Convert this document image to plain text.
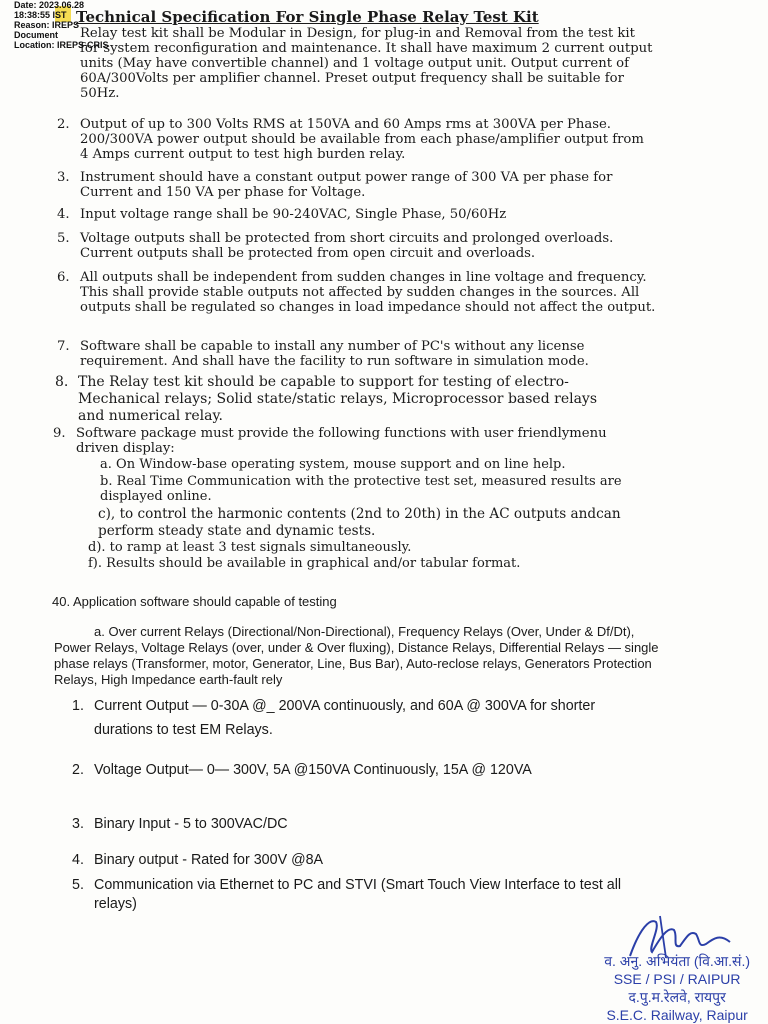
Date: 2023.06.28
18:38:55 IST
Reason: IREPS
Document
Location: IREPS-CRIS
Technical Specification For Single Phase Relay Test Kit
Relay test kit shall be Modular in Design, for plug-in and Removal from the test kit for system reconfiguration and maintenance. It shall have maximum 2 current output units (May have convertible channel) and 1 voltage output unit. Output current of 60A/300Volts per amplifier channel. Preset output frequency shall be suitable for 50Hz.
2. Output of up to 300 Volts RMS at 150VA and 60 Amps rms at 300VA per Phase. 200/300VA power output should be available from each phase/amplifier output from 4 Amps current output to test high burden relay.
3. Instrument should have a constant output power range of 300 VA per phase for Current and 150 VA per phase for Voltage.
4. Input voltage range shall be 90-240VAC, Single Phase, 50/60Hz
5. Voltage outputs shall be protected from short circuits and prolonged overloads. Current outputs shall be protected from open circuit and overloads.
6. All outputs shall be independent from sudden changes in line voltage and frequency. This shall provide stable outputs not affected by sudden changes in the sources. All outputs shall be regulated so changes in load impedance should not affect the output.
7. Software shall be capable to install any number of PC's without any license requirement. And shall have the facility to run software in simulation mode.
8. The Relay test kit should be capable to support for testing of electro-Mechanical relays; Solid state/static relays, Microprocessor based relays and numerical relay.
9. Software package must provide the following functions with user friendlymenu driven display:
a. On Window-base operating system, mouse support and on line help.
b. Real Time Communication with the protective test set, measured results are displayed online.
c), to control the harmonic contents (2nd to 20th) in the AC outputs andcan perform steady state and dynamic tests.
d). to ramp at least 3 test signals simultaneously.
f). Results should be available in graphical and/or tabular format.
40. Application software should capable of testing
a. Over current Relays (Directional/Non-Directional), Frequency Relays (Over, Under & Df/Dt), Power Relays, Voltage Relays (over, under & Over fluxing), Distance Relays, Differential Relays — single phase relays (Transformer, motor, Generator, Line, Bus Bar), Auto-reclose relays, Generators Protection Relays, High Impedance earth-fault rely
1. Current Output — 0-30A @_ 200VA continuously, and 60A @ 300VA for shorter durations to test EM Relays.
2. Voltage Output— 0— 300V, 5A @150VA Continuously, 15A @ 120VA
3. Binary Input - 5 to 300VAC/DC
4. Binary output - Rated for 300V @8A
5. Communication via Ethernet to PC and STVI (Smart Touch View Interface to test all relays)
व. अनु. अभियंता (वि.आ.सं.)
SSE / PSI / RAIPUR
द.पु.म.रेलवे, रायपुर
S.E.C. Railway, Raipur
